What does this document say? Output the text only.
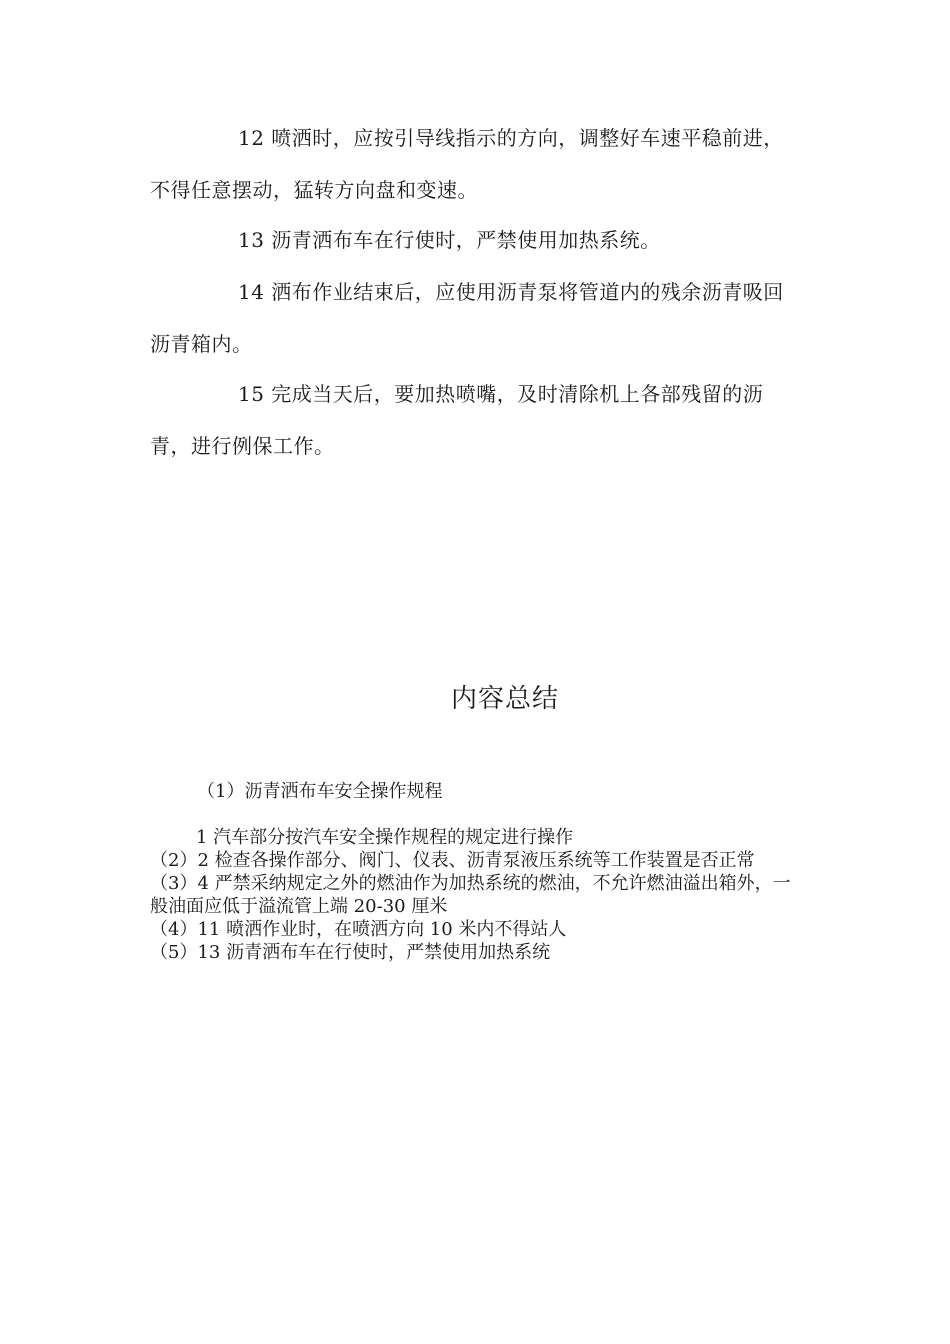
12 喷洒时，应按引导线指示的方向，调整好车速平稳前进，不得任意摆动，猛转方向盘和变速。

13 沥青洒布车在行使时，严禁使用加热系统。

14 洒布作业结束后，应使用沥青泵将管道内的残余沥青吸回沥青箱内。

15 完成当天后，要加热喷嘴，及时清除机上各部残留的沥青，进行例保工作。

内容总结

（1）沥青洒布车安全操作规程

1 汽车部分按汽车安全操作规程的规定进行操作

（2）2 检查各操作部分、阀门、仪表、沥青泵液压系统等工作装置是否正常

（3）4 严禁采纳规定之外的燃油作为加热系统的燃油，不允许燃油溢出箱外，一般油面应低于溢流管上端 20-30 厘米

（4）11 喷洒作业时，在喷洒方向 10 米内不得站人

（5）13 沥青洒布车在行使时，严禁使用加热系统
